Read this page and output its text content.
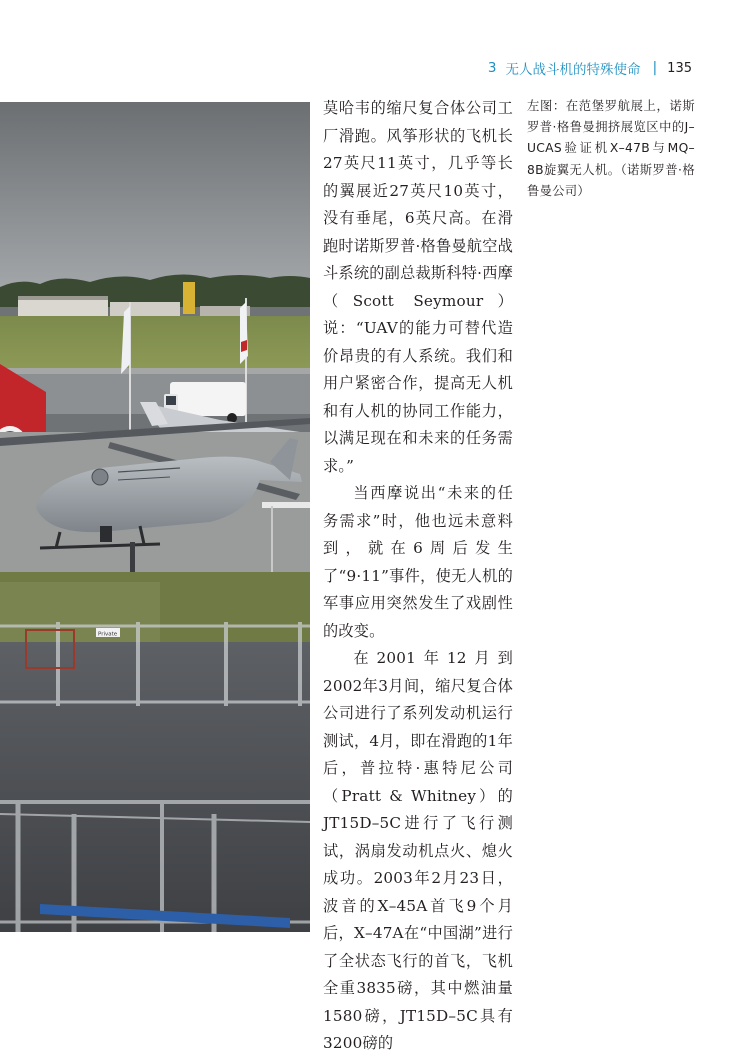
3 无人战斗机的特殊使命 | 135
Private

莫哈韦的缩尺复合体公司工厂滑跑。风筝形状的飞机长27英尺11英寸，几乎等长的翼展近27英尺10英寸，没有垂尾，6英尺高。在滑跑时诺斯罗普·格鲁曼航空战斗系统的副总裁斯科特·西摩（Scott Seymour）说：“UAV的能力可替代造价昂贵的有人系统。我们和用户紧密合作，提高无人机和有人机的协同工作能力，以满足现在和未来的任务需求。”

当西摩说出“未来的任务需求”时，他也远未意料到，就在6周后发生了“9·11”事件，使无人机的军事应用突然发生了戏剧性的改变。

在2001年12月到2002年3月间，缩尺复合体公司进行了系列发动机运行测试，4月，即在滑跑的1年后，普拉特·惠特尼公司（Pratt & Whitney）的JT15D–5C进行了飞行测试，涡扇发动机点火、熄火成功。2003年2月23日，波音的X–45A首飞9个月后，X–47A在“中国湖”进行了全状态飞行的首飞，飞机全重3835磅，其中燃油量1580磅，JT15D–5C具有3200磅的

左图：在范堡罗航展上，诺斯罗普·格鲁曼拥挤展览区中的J–UCAS验证机X–47B与MQ–8B旋翼无人机。（诺斯罗普·格鲁曼公司）
